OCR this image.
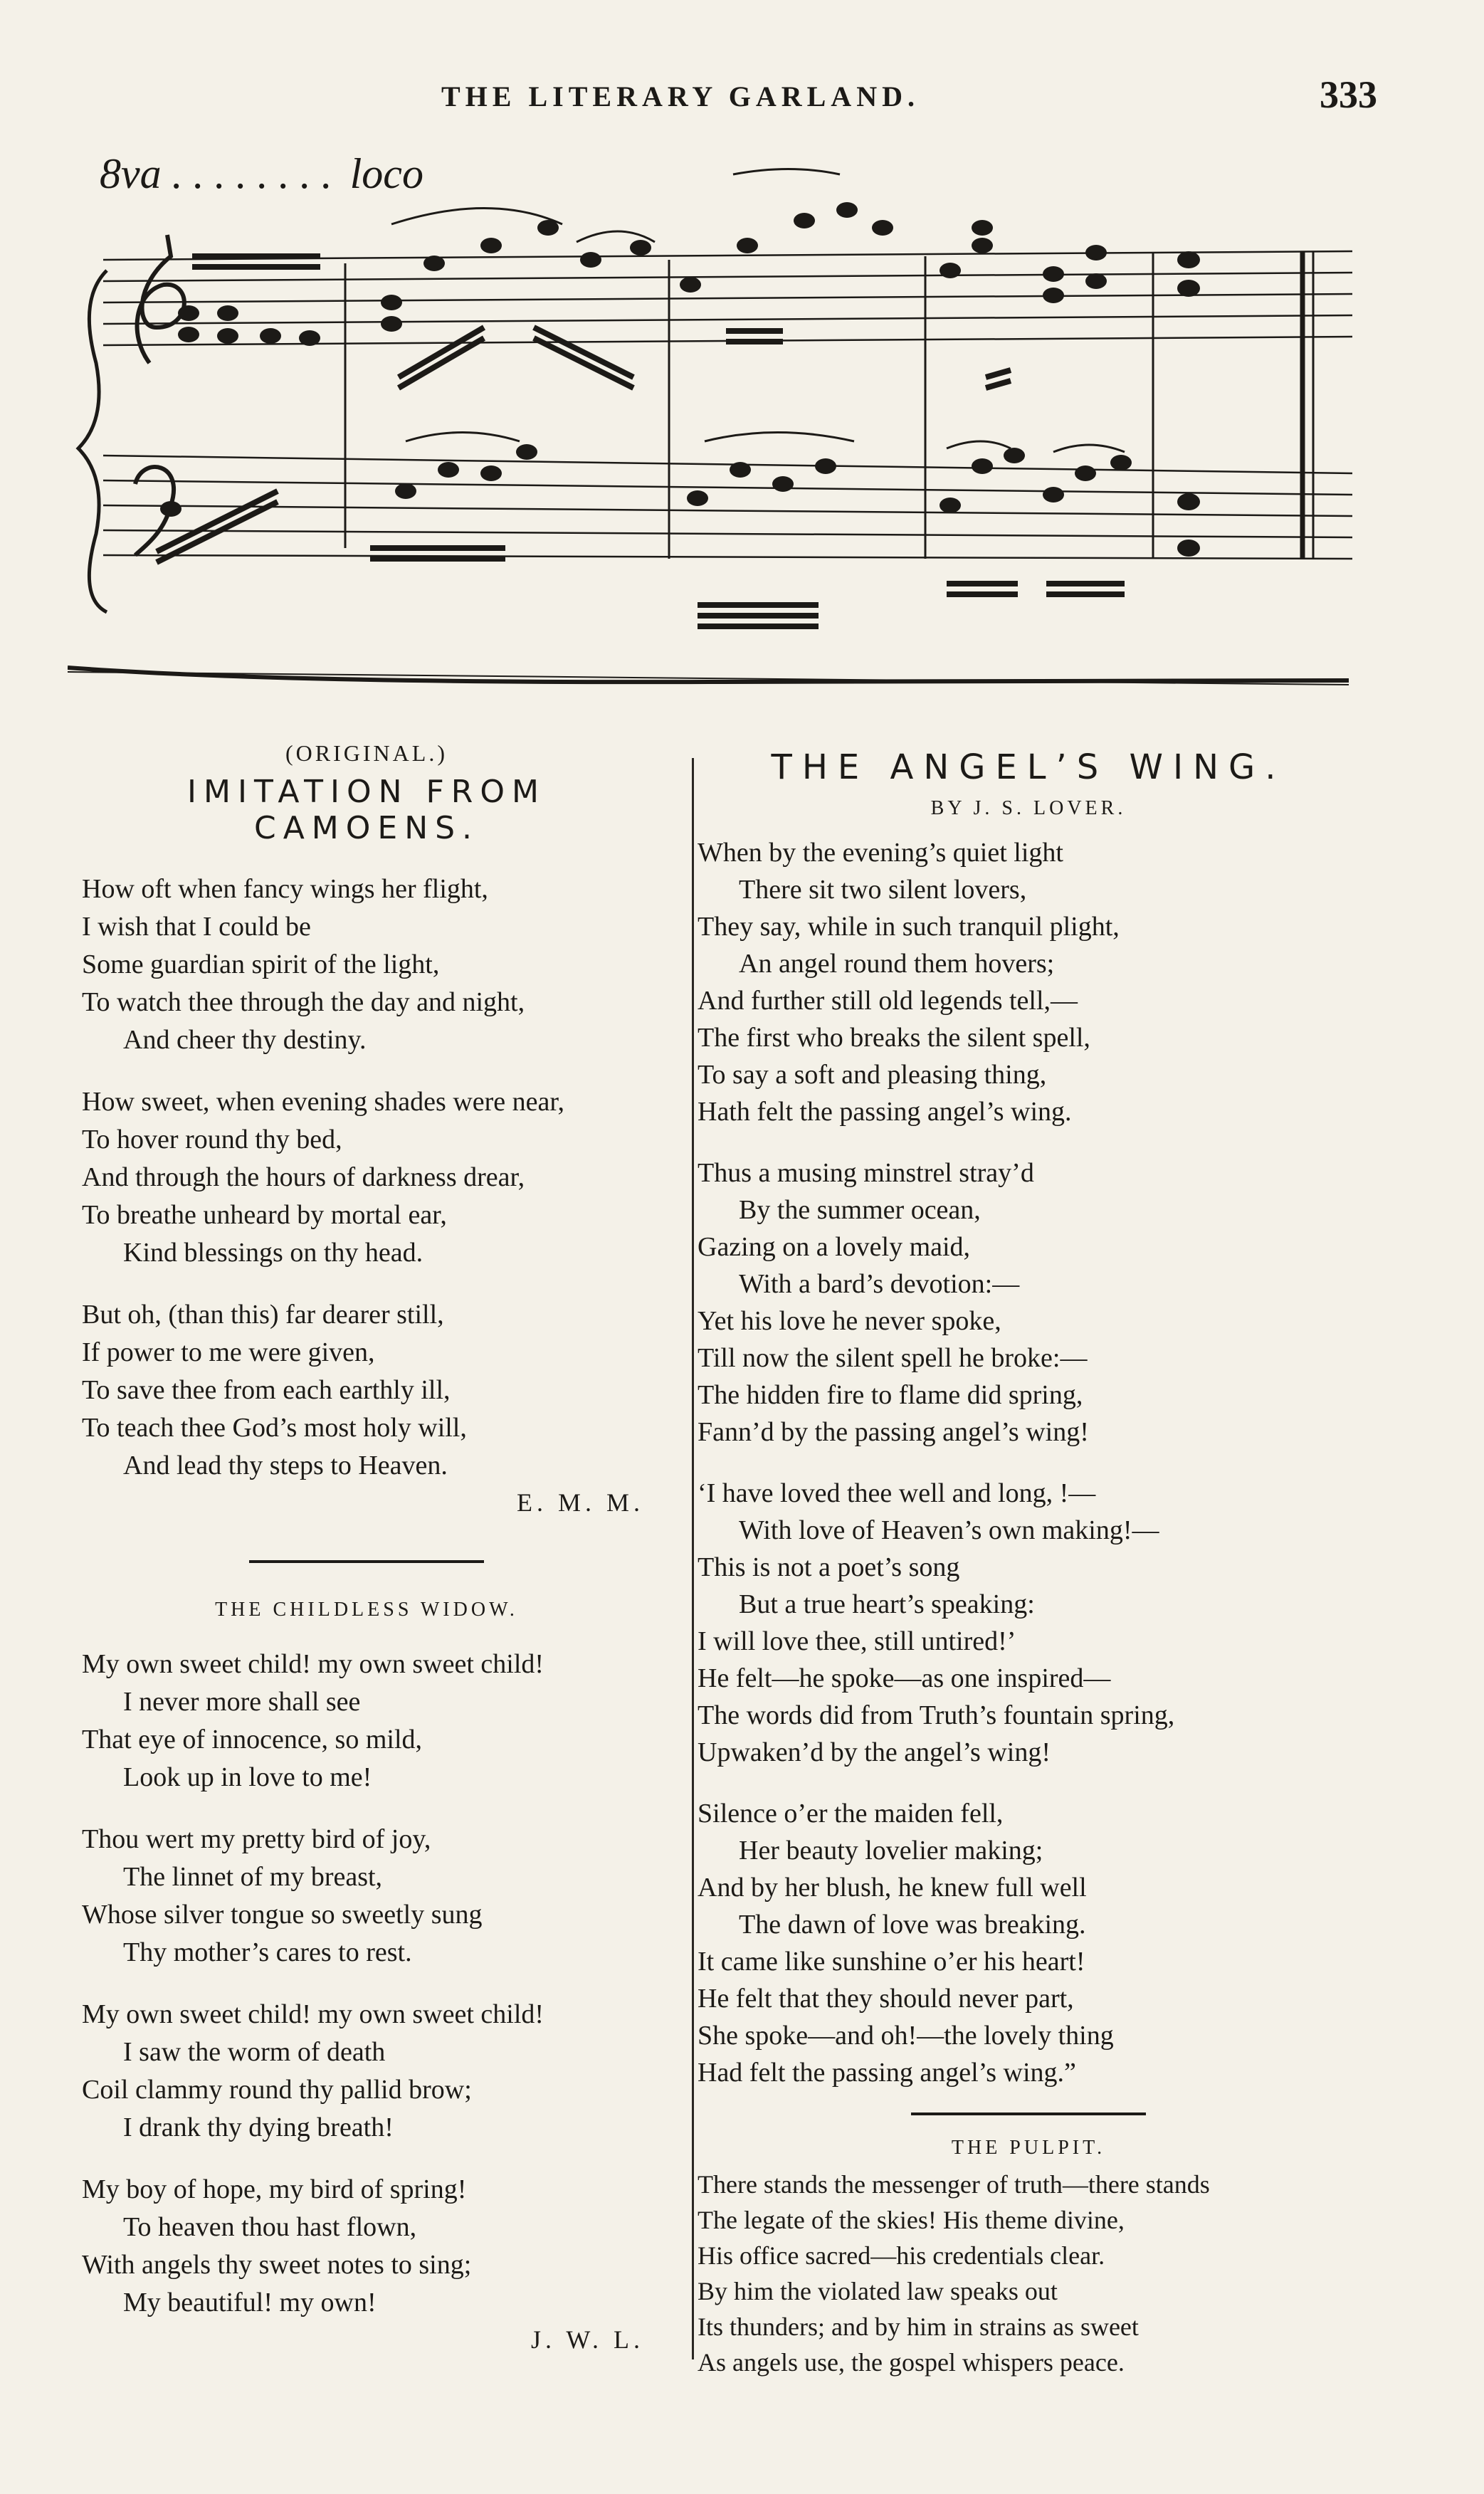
THE LITERARY GARLAND.	333
8va . . . . . . . . loco
(ORIGINAL.)
IMITATION FROM CAMOENS.
How oft when fancy wings her flight,
I wish that I could be
Some guardian spirit of the light,
To watch thee through the day and night,
And cheer thy destiny.
How sweet, when evening shades were near,
To hover round thy bed,
And through the hours of darkness drear,
To breathe unheard by mortal ear,
Kind blessings on thy head.
But oh, (than this) far dearer still,
If power to me were given,
To save thee from each earthly ill,
To teach thee God’s most holy will,
And lead thy steps to Heaven.
E. M. M.
THE CHILDLESS WIDOW.
My own sweet child! my own sweet child!
I never more shall see
That eye of innocence, so mild,
Look up in love to me!
Thou wert my pretty bird of joy,
The linnet of my breast,
Whose silver tongue so sweetly sung
Thy mother’s cares to rest.
My own sweet child! my own sweet child!
I saw the worm of death
Coil clammy round thy pallid brow;
I drank thy dying breath!
My boy of hope, my bird of spring!
To heaven thou hast flown,
With angels thy sweet notes to sing;
My beautiful! my own!
J. W. L.
THE ANGEL’S WING.
BY J. S. LOVER.
When by the evening’s quiet light
There sit two silent lovers,
They say, while in such tranquil plight,
An angel round them hovers;
And further still old legends tell,—
The first who breaks the silent spell,
To say a soft and pleasing thing,
Hath felt the passing angel’s wing.
Thus a musing minstrel stray’d
By the summer ocean,
Gazing on a lovely maid,
With a bard’s devotion:—
Yet his love he never spoke,
Till now the silent spell he broke:—
The hidden fire to flame did spring,
Fann’d by the passing angel’s wing!
‘I have loved thee well and long, !—
With love of Heaven’s own making!—
This is not a poet’s song
But a true heart’s speaking:
I will love thee, still untired!’
He felt—he spoke—as one inspired—
The words did from Truth’s fountain spring,
Upwaken’d by the angel’s wing!
Silence o’er the maiden fell,
Her beauty lovelier making;
And by her blush, he knew full well
The dawn of love was breaking.
It came like sunshine o’er his heart!
He felt that they should never part,
She spoke—and oh!—the lovely thing
Had felt the passing angel’s wing.”
THE PULPIT.
There stands the messenger of truth—there stands
The legate of the skies! His theme divine,
His office sacred—his credentials clear.
By him the violated law speaks out
Its thunders; and by him in strains as sweet
As angels use, the gospel whispers peace.
